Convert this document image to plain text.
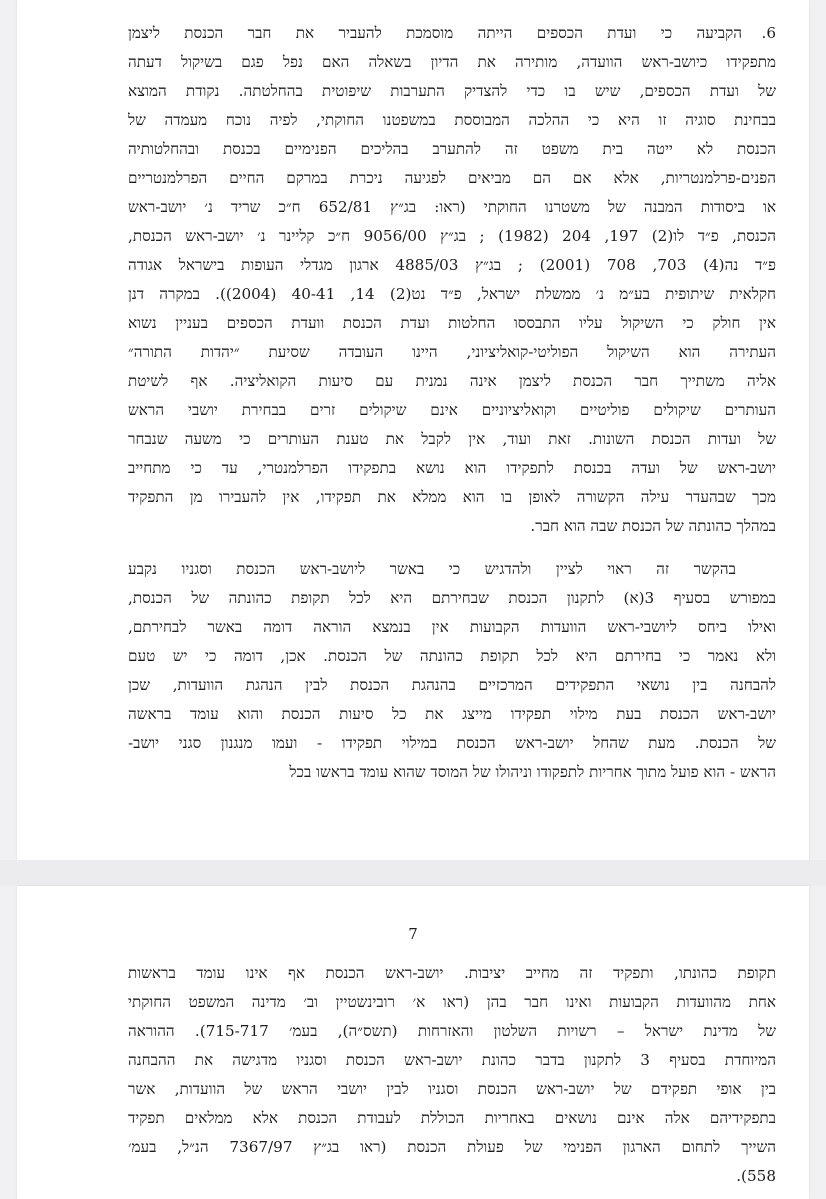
6.הקביעה כי ועדת הכספים הייתה מוסמכת להעביר את חבר הכנסת ליצמן
מתפקידו כיושב-ראש הוועדה, מותירה את הדיון בשאלה האם נפל פגם בשיקול דעתה
של ועדת הכספים, שיש בו כדי להצדיק התערבות שיפוטית בהחלטתה. נקודת המוצא
בבחינת סוגיה זו היא כי ההלכה המבוססת במשפטנו החוקתי, לפיה נוכח מעמדה של
הכנסת לא ייטה בית משפט זה להתערב בהליכים הפנימיים בכנסת ובהחלטותיה
הפנים-פרלמנטריות, אלא אם הם מביאים לפגיעה ניכרת במרקם החיים הפרלמנטריים
או ביסודות המבנה של משטרנו החוקתי (ראו: בג״ץ 652/81 ח״כ שריד נ׳ יושב-ראש
הכנסת, פ״ד לו(2) 197, 204 (1982) ; בג״ץ 9056/00 ח״כ קליינר נ׳ יושב-ראש הכנסת,
פ״ד נה(4) 703, 708 (2001) ; בג״ץ 4885/03 ארגון מגדלי העופות בישראל אגודה
חקלאית שיתופית בע״מ נ׳ ממשלת ישראל, פ״ד נט(2) 14, 40-41 (2004)). במקרה דנן
אין חולק כי השיקול עליו התבססו החלטות ועדת הכנסת וועדת הכספים בעניין נשוא
העתירה הוא השיקול הפוליטי-קואליציוני, היינו העובדה שסיעת ״יהדות התורה״
אליה משתייך חבר הכנסת ליצמן אינה נמנית עם סיעות הקואליציה. אף לשיטת
העותרים שיקולים פוליטיים וקואליציוניים אינם שיקולים זרים בבחירת יושבי הראש
של ועדות הכנסת השונות. זאת ועוד, אין לקבל את טענת העותרים כי משעה שנבחר
יושב-ראש של ועדה בכנסת לתפקידו הוא נושא בתפקידו הפרלמנטרי, עד כי מתחייב
מכך שבהעדר עילה הקשורה לאופן בו הוא ממלא את תפקידו, אין להעבירו מן התפקיד
במהלך כהונתה של הכנסת שבה הוא חבר.
בהקשר זה ראוי לציין ולהדגיש כי באשר ליושב-ראש הכנסת וסגניו נקבע
במפורש בסעיף 3(א) לתקנון הכנסת שבחירתם היא לכל תקופת כהונתה של הכנסת,
ואילו ביחס ליושבי-ראש הוועדות הקבועות אין בנמצא הוראה דומה באשר לבחירתם,
ולא נאמר כי בחירתם היא לכל תקופת כהונתה של הכנסת. אכן, דומה כי יש טעם
להבחנה בין נושאי התפקידים המרכזיים בהנהגת הכנסת לבין הנהגת הוועדות, שכן
יושב-ראש הכנסת בעת מילוי תפקידו מייצג את כל סיעות הכנסת והוא עומד בראשה
של הכנסת. מעת שהחל יושב-ראש הכנסת במילוי תפקידו - ועמו מנגנון סגני יושב-
הראש - הוא פועל מתוך אחריות לתפקודו וניהולו של המוסד שהוא עומד בראשו בכל
7
תקופת כהונתו, ותפקיד זה מחייב יציבות. יושב-ראש הכנסת אף אינו עומד בראשות
אחת מהוועדות הקבועות ואינו חבר בהן (ראו א׳ רובינשטיין וב׳ מדינה המשפט החוקתי
של מדינת ישראל – רשויות השלטון והאזרחות (תשס״ה), בעמ׳ 715-717). ההוראה
המיוחדת בסעיף 3 לתקנון בדבר כהונת יושב-ראש הכנסת וסגניו מדגישה את ההבחנה
בין אופי תפקידם של יושב-ראש הכנסת וסגניו לבין יושבי הראש של הוועדות, אשר
בתפקידיהם אלה אינם נושאים באחריות הכוללת לעבודת הכנסת אלא ממלאים תפקיד
השייך לתחום הארגון הפנימי של פעולת הכנסת (ראו בג״ץ 7367/97 הנ״ל, בעמ׳
558).
